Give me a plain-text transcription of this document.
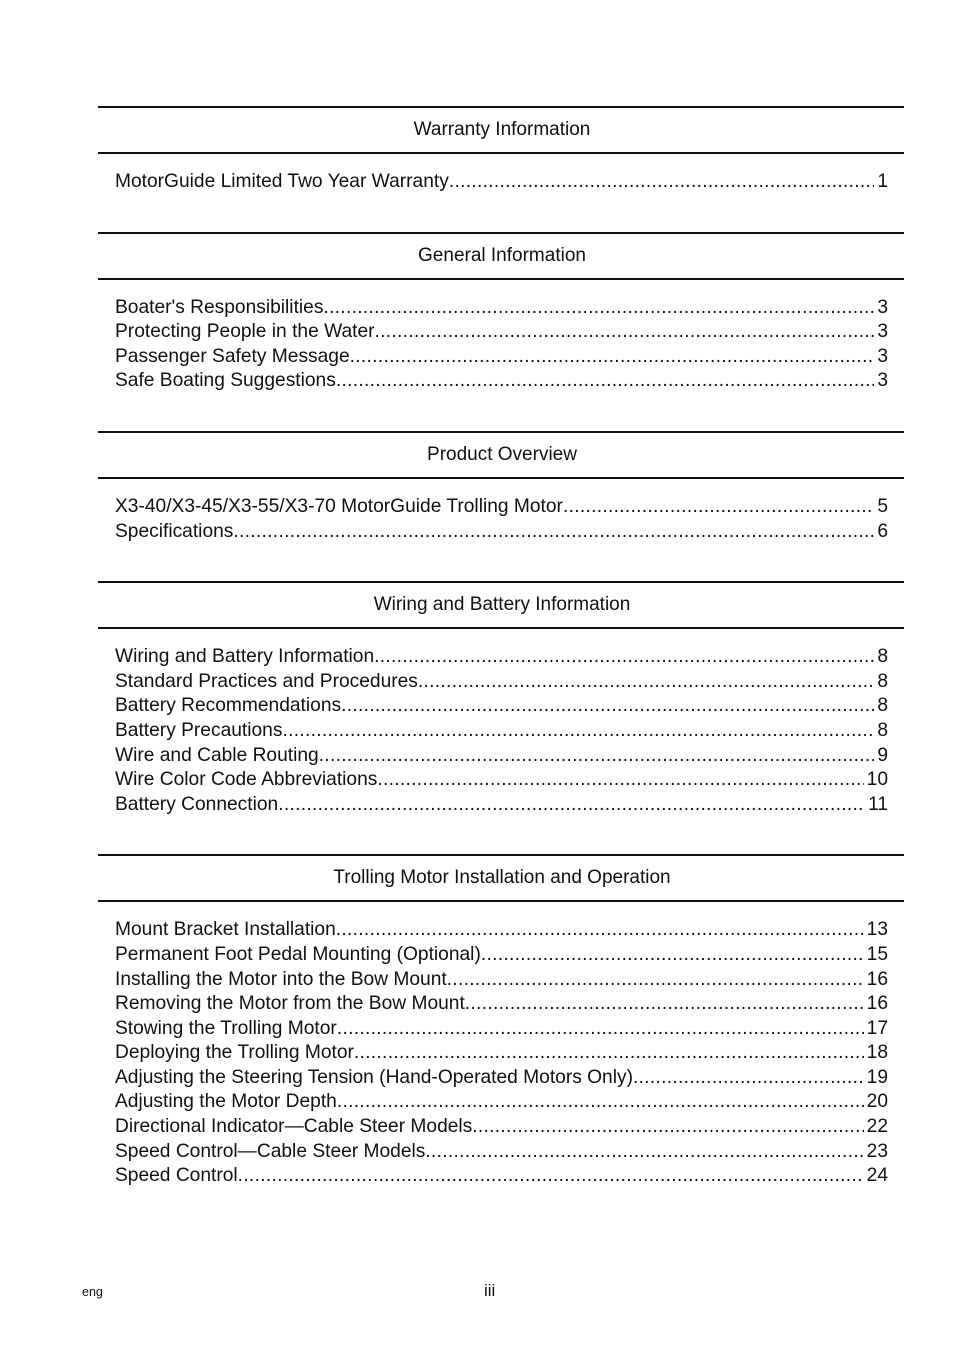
Warranty Information
MotorGuide Limited Two Year Warranty .....	1
General Information
Boater's Responsibilities .....	3
Protecting People in the Water .....	3
Passenger Safety Message .....	3
Safe Boating Suggestions .....	3
Product Overview
X3-40/X3-45/X3-55/X3-70 MotorGuide Trolling Motor .....	5
Specifications .....	6
Wiring and Battery Information
Wiring and Battery Information .....	8
Standard Practices and Procedures .....	8
Battery Recommendations .....	8
Battery Precautions .....	8
Wire and Cable Routing .....	9
Wire Color Code Abbreviations .....	10
Battery Connection .....	11
Trolling Motor Installation and Operation
Mount Bracket Installation .....	13
Permanent Foot Pedal Mounting (Optional) .....	15
Installing the Motor into the Bow Mount .....	16
Removing the Motor from the Bow Mount .....	16
Stowing the Trolling Motor .....	17
Deploying the Trolling Motor .....	18
Adjusting the Steering Tension (Hand-Operated Motors Only) .....	19
Adjusting the Motor Depth .....	20
Directional Indicator—Cable Steer Models .....	22
Speed Control—Cable Steer Models .....	23
Speed Control .....	24
eng	iii
